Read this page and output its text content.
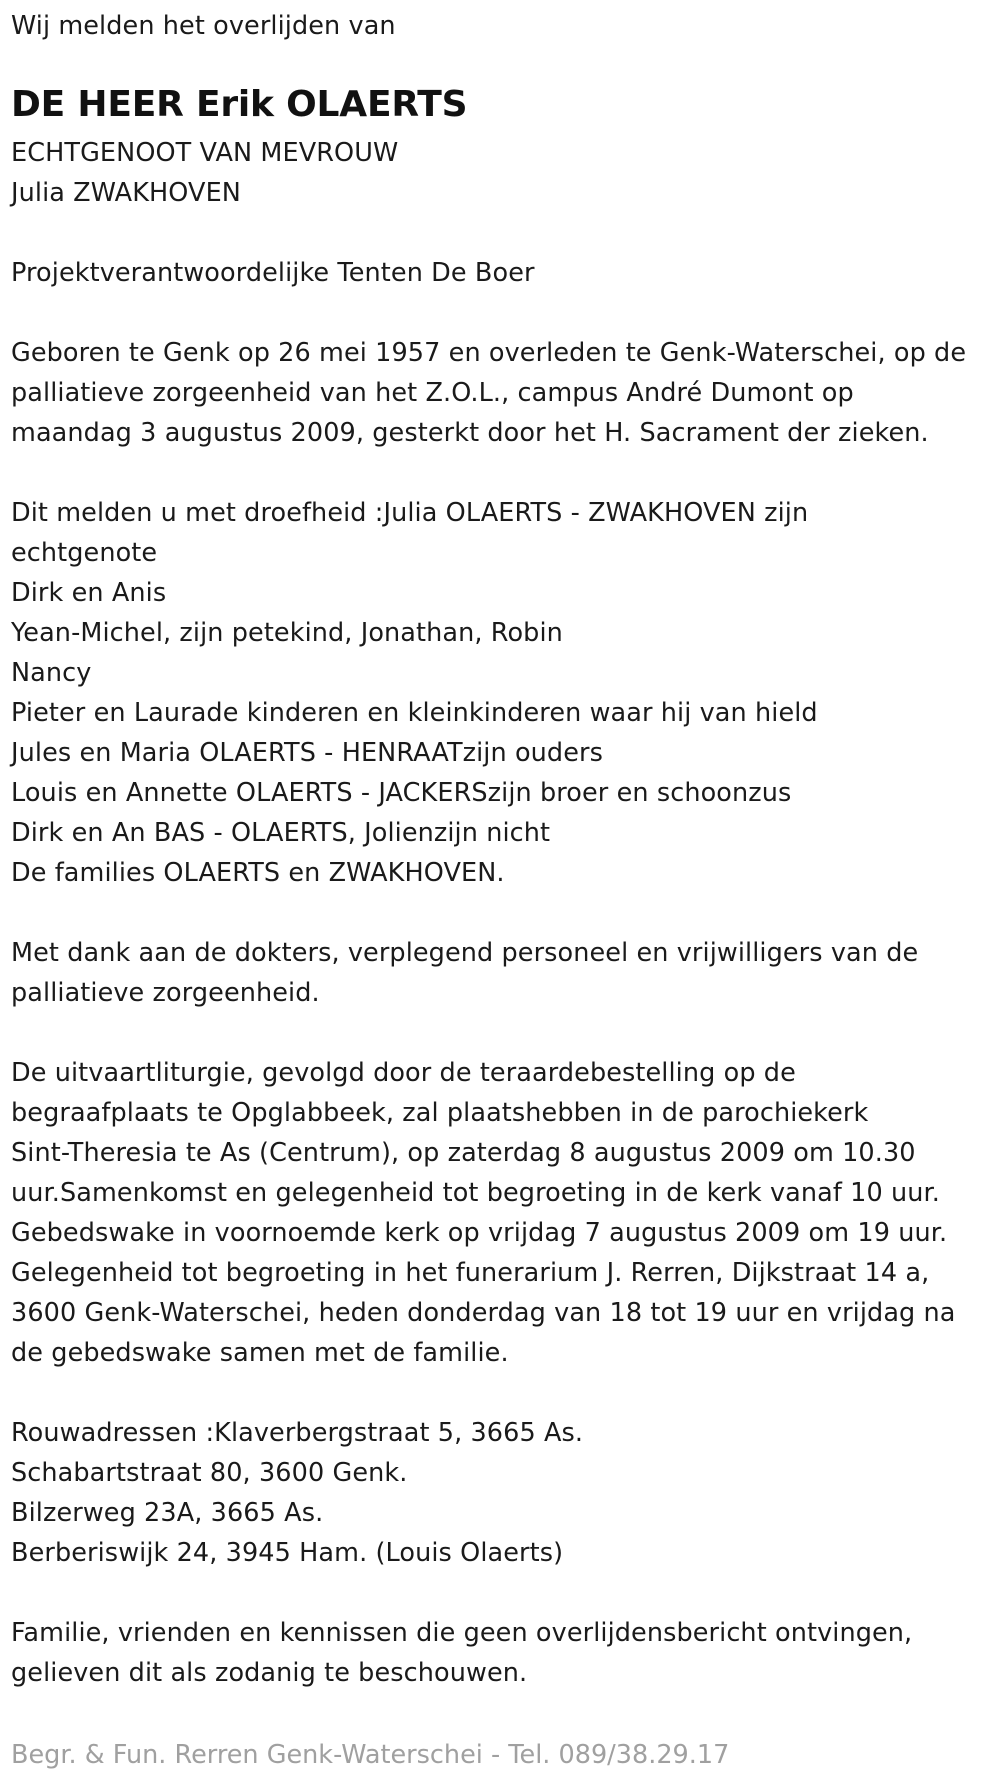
Wij melden het overlijden van
DE HEER Erik OLAERTS
ECHTGENOOT VAN MEVROUW
Julia ZWAKHOVEN
Projektverantwoordelijke Tenten De Boer
Geboren te Genk op 26 mei 1957 en overleden te Genk-Waterschei, op de
palliatieve zorgeenheid van het Z.O.L., campus André Dumont op
maandag 3 augustus 2009, gesterkt door het H. Sacrament der zieken.
Dit melden u met droefheid :Julia OLAERTS - ZWAKHOVEN zijn
echtgenote
Dirk en Anis
Yean-Michel, zijn petekind, Jonathan, Robin
Nancy
Pieter en Laurade kinderen en kleinkinderen waar hij van hield
Jules en Maria OLAERTS - HENRAATzijn ouders
Louis en Annette OLAERTS - JACKERSzijn broer en schoonzus
Dirk en An BAS - OLAERTS, Jolienzijn nicht
De families OLAERTS en ZWAKHOVEN.
Met dank aan de dokters, verplegend personeel en vrijwilligers van de
palliatieve zorgeenheid.
De uitvaartliturgie, gevolgd door de teraardebestelling op de
begraafplaats te Opglabbeek, zal plaatshebben in de parochiekerk
Sint-Theresia te As (Centrum), op zaterdag 8 augustus 2009 om 10.30
uur.Samenkomst en gelegenheid tot begroeting in de kerk vanaf 10 uur.
Gebedswake in voornoemde kerk op vrijdag 7 augustus 2009 om 19 uur.
Gelegenheid tot begroeting in het funerarium J. Rerren, Dijkstraat 14 a,
3600 Genk-Waterschei, heden donderdag van 18 tot 19 uur en vrijdag na
de gebedswake samen met de familie.
Rouwadressen :Klaverbergstraat 5, 3665 As.
Schabartstraat 80, 3600 Genk.
Bilzerweg 23A, 3665 As.
Berberiswijk 24, 3945 Ham. (Louis Olaerts)
Familie, vrienden en kennissen die geen overlijdensbericht ontvingen,
gelieven dit als zodanig te beschouwen.
Begr. & Fun. Rerren Genk-Waterschei - Tel. 089/38.29.17
